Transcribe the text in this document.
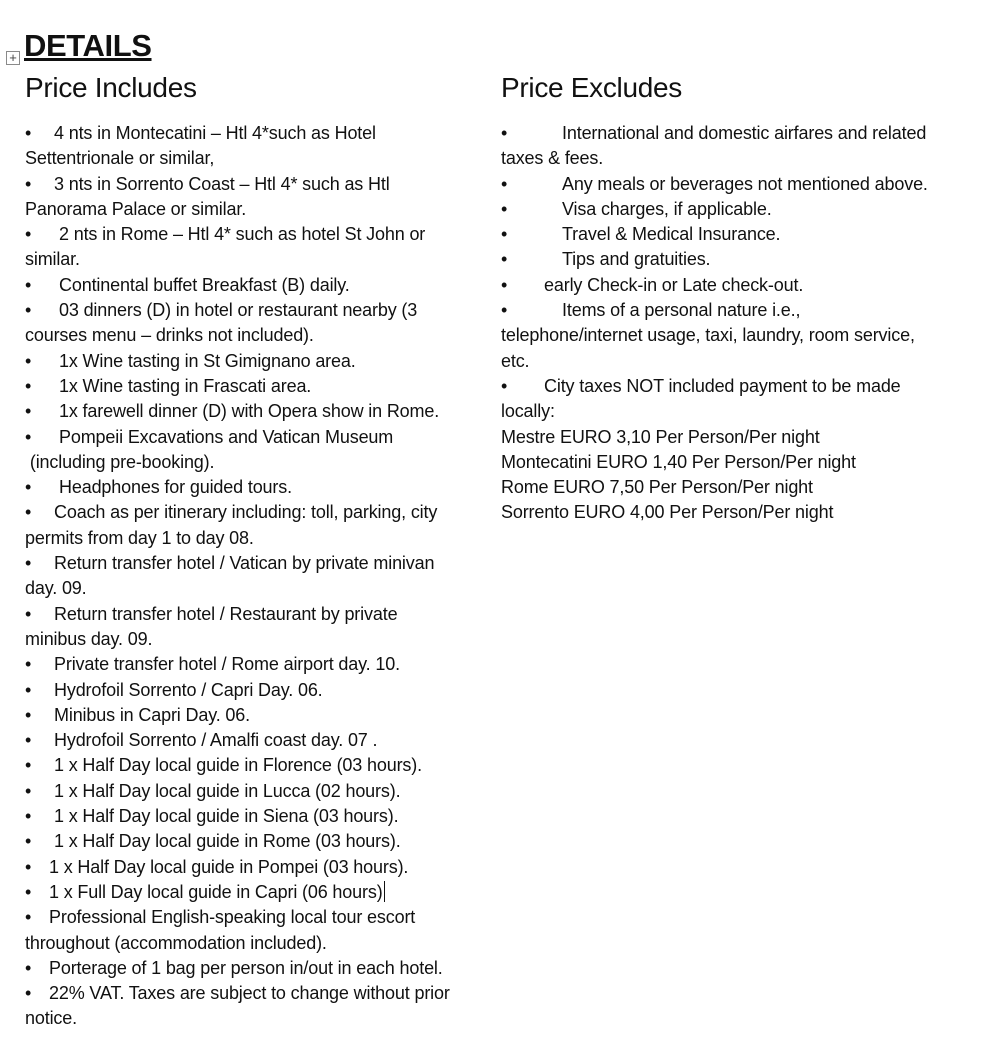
+ DETAILS
Price Includes
• 4 nts in Montecatini – Htl 4*such as Hotel
Settentrionale or similar,
• 3 nts in Sorrento Coast – Htl 4* such as Htl
Panorama Palace or similar.
• 2 nts in Rome – Htl 4* such as hotel St John or
similar.
• Continental buffet Breakfast (B) daily.
• 03 dinners (D) in hotel or restaurant nearby (3
courses menu – drinks not included).
• 1x Wine tasting in St Gimignano area.
• 1x Wine tasting in Frascati area.
• 1x farewell dinner (D) with Opera show in Rome.
• Pompeii Excavations and Vatican Museum
(including pre-booking).
• Headphones for guided tours.
• Coach as per itinerary including: toll, parking, city
permits from day 1 to day 08.
• Return transfer hotel / Vatican by private minivan
day. 09.
• Return transfer hotel / Restaurant by private
minibus day. 09.
• Private transfer hotel / Rome airport day. 10.
• Hydrofoil Sorrento / Capri Day. 06.
• Minibus in Capri Day. 06.
• Hydrofoil Sorrento / Amalfi coast day. 07 .
• 1 x Half Day local guide in Florence (03 hours).
• 1 x Half Day local guide in Lucca (02 hours).
• 1 x Half Day local guide in Siena (03 hours).
• 1 x Half Day local guide in Rome (03 hours).
• 1 x Half Day local guide in Pompei (03 hours).
• 1 x Full Day local guide in Capri (06 hours)
• Professional English-speaking local tour escort
throughout (accommodation included).
• Porterage of 1 bag per person in/out in each hotel.
• 22% VAT. Taxes are subject to change without prior
notice.
Price Excludes
•	International and domestic airfares and related
taxes & fees.
•	Any meals or beverages not mentioned above.
•	Visa charges, if applicable.
•	Travel & Medical Insurance.
•	Tips and gratuities.
• early Check-in or Late check-out.
•	Items of a personal nature i.e.,
telephone/internet usage, taxi, laundry, room service,
etc.
• City taxes NOT included payment to be made
locally:
Mestre EURO 3,10 Per Person/Per night
Montecatini EURO 1,40 Per Person/Per night
Rome EURO 7,50 Per Person/Per night
Sorrento EURO 4,00 Per Person/Per night
